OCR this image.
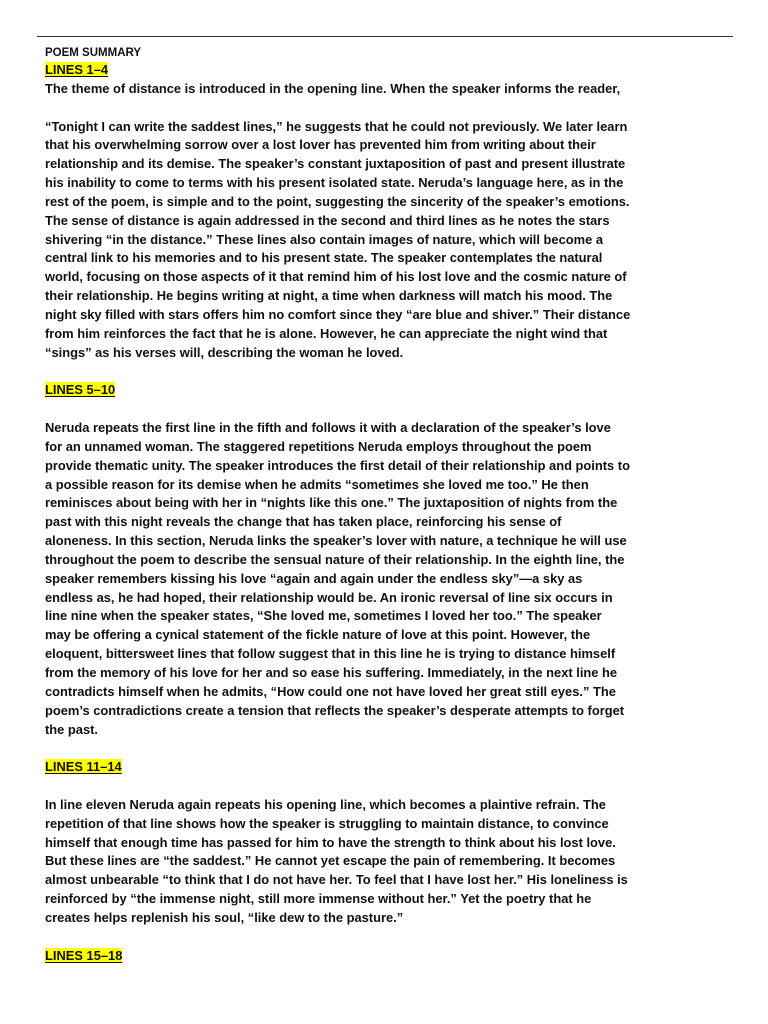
POEM SUMMARY

LINES 1–4

The theme of distance is introduced in the opening line. When the speaker informs the reader,

“Tonight I can write the saddest lines,” he suggests that he could not previously. We later learn
that his overwhelming sorrow over a lost lover has prevented him from writing about their
relationship and its demise. The speaker’s constant juxtaposition of past and present illustrate
his inability to come to terms with his present isolated state. Neruda’s language here, as in the
rest of the poem, is simple and to the point, suggesting the sincerity of the speaker’s emotions.
The sense of distance is again addressed in the second and third lines as he notes the stars
shivering “in the distance.” These lines also contain images of nature, which will become a
central link to his memories and to his present state. The speaker contemplates the natural
world, focusing on those aspects of it that remind him of his lost love and the cosmic nature of
their relationship. He begins writing at night, a time when darkness will match his mood. The
night sky filled with stars offers him no comfort since they “are blue and shiver.” Their distance
from him reinforces the fact that he is alone. However, he can appreciate the night wind that
“sings” as his verses will, describing the woman he loved.

LINES 5–10

Neruda repeats the first line in the fifth and follows it with a declaration of the speaker’s love
for an unnamed woman. The staggered repetitions Neruda employs throughout the poem
provide thematic unity. The speaker introduces the first detail of their relationship and points to
a possible reason for its demise when he admits “sometimes she loved me too.” He then
reminisces about being with her in “nights like this one.” The juxtaposition of nights from the
past with this night reveals the change that has taken place, reinforcing his sense of
aloneness. In this section, Neruda links the speaker’s lover with nature, a technique he will use
throughout the poem to describe the sensual nature of their relationship. In the eighth line, the
speaker remembers kissing his love “again and again under the endless sky”—a sky as
endless as, he had hoped, their relationship would be. An ironic reversal of line six occurs in
line nine when the speaker states, “She loved me, sometimes I loved her too.” The speaker
may be offering a cynical statement of the fickle nature of love at this point. However, the
eloquent, bittersweet lines that follow suggest that in this line he is trying to distance himself
from the memory of his love for her and so ease his suffering. Immediately, in the next line he
contradicts himself when he admits, “How could one not have loved her great still eyes.” The
poem’s contradictions create a tension that reflects the speaker’s desperate attempts to forget
the past.

LINES 11–14

In line eleven Neruda again repeats his opening line, which becomes a plaintive refrain. The
repetition of that line shows how the speaker is struggling to maintain distance, to convince
himself that enough time has passed for him to have the strength to think about his lost love.
But these lines are “the saddest.” He cannot yet escape the pain of remembering. It becomes
almost unbearable “to think that I do not have her. To feel that I have lost her.” His loneliness is
reinforced by “the immense night, still more immense without her.” Yet the poetry that he
creates helps replenish his soul, “like dew to the pasture.”

LINES 15–18
